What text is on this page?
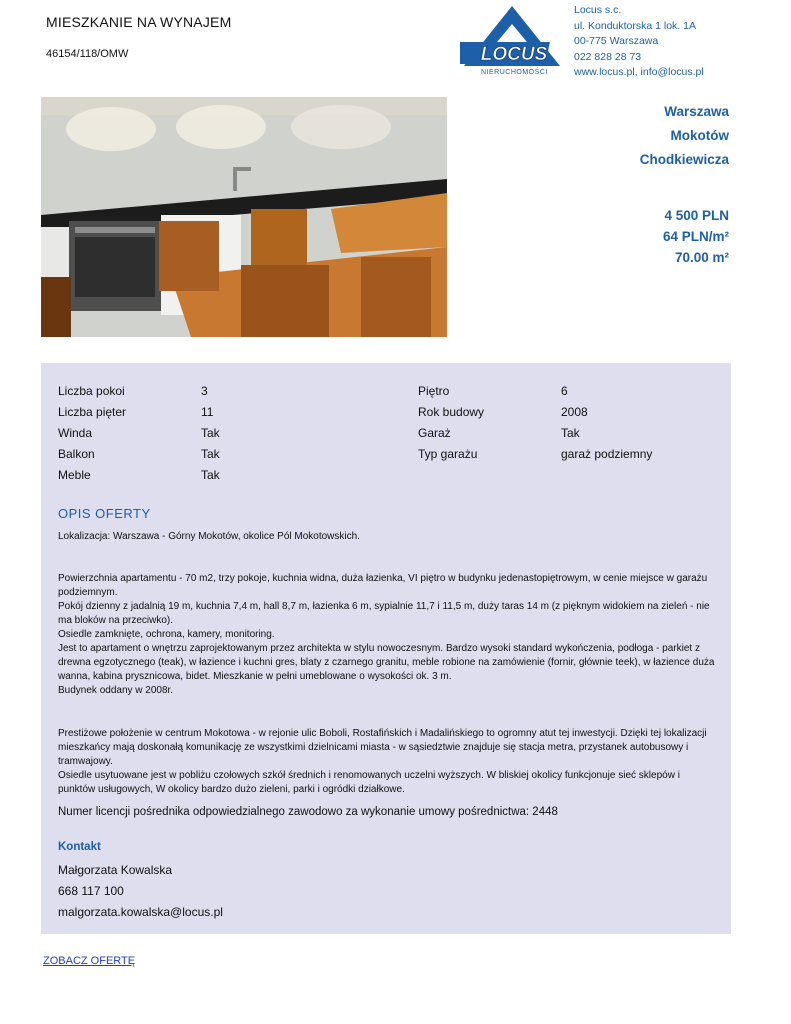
MIESZKANIE NA WYNAJEM
46154/118/OMW	LOCUS
NIERUCHOMOŚCI
Locus s.c.
ul. Konduktorska 1 lok. 1A
00-775 Warszawa
022 828 28 73
www.locus.pl, info@locus.pl
Warszawa
Mokotów
Chodkiewicza
4 500 PLN
64 PLN/m²
70.00 m²
Liczba pokoi	3	Piętro	6
Liczba pięter	11	Rok budowy	2008
Winda	Tak	Garaż	Tak
Balkon	Tak	Typ garażu	garaż podziemny
Meble	Tak
OPIS OFERTY

Lokalizacja: Warszawa - Górny Mokotów, okolice Pól Mokotowskich.

Powierzchnia apartamentu - 70 m2, trzy pokoje, kuchnia widna, duża łazienka, VI piętro w budynku jedenastopiętrowym, w cenie miejsce w garażu podziemnym.

Pokój dzienny z jadalnią 19 m, kuchnia 7,4 m, hall 8,7 m, łazienka 6 m, sypialnie 11,7 i 11,5 m, duży taras 14 m (z pięknym widokiem na zieleń - nie ma bloków na przeciwko).

Osiedle zamknięte, ochrona, kamery, monitoring.

Jest to apartament o wnętrzu zaprojektowanym przez architekta w stylu nowoczesnym. Bardzo wysoki standard wykończenia, podłoga - parkiet z drewna egzotycznego (teak), w łazience i kuchni gres, blaty z czarnego granitu, meble robione na zamówienie (fornir, głównie teek), w łazience duża wanna, kabina prysznicowa, bidet. Mieszkanie w pełni umeblowane o wysokości ok. 3 m.

Budynek oddany w 2008r.

Prestiżowe położenie w centrum Mokotowa - w rejonie ulic Boboli, Rostafińskich i Madalińskiego to ogromny atut tej inwestycji. Dzięki tej lokalizacji mieszkańcy mają doskonałą komunikację ze wszystkimi dzielnicami miasta - w sąsiedztwie znajduje się stacja metra, przystanek autobusowy i tramwajowy.

Osiedle usytuowane jest w pobliżu czołowych szkół średnich i renomowanych uczelni wyższych. W bliskiej okolicy funkcjonuje sieć sklepów i punktów usługowych, W okolicy bardzo dużo zieleni, parki i ogródki działkowe.

Numer licencji pośrednika odpowiedzialnego zawodowo za wykonanie umowy pośrednictwa: 2448
Kontakt
Małgorzata Kowalska
668 117 100
malgorzata.kowalska@locus.pl
ZOBACZ OFERTĘ
